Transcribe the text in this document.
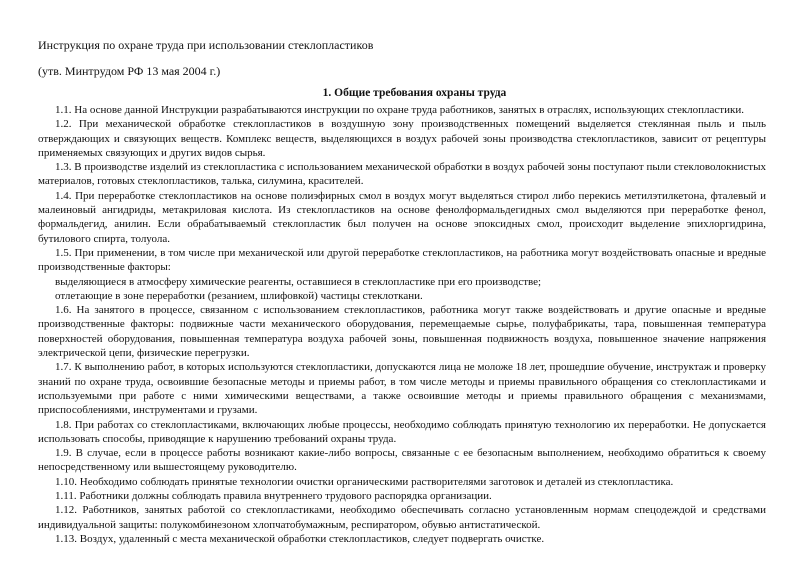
Инструкция по охране труда при использовании стеклопластиков
(утв. Минтрудом РФ 13 мая 2004 г.)
1. Общие требования охраны труда

1.1. На основе данной Инструкции разрабатываются инструкции по охране труда работников, занятых в отраслях, использующих стеклопластики.

1.2. При механической обработке стеклопластиков в воздушную зону производственных помещений выделяется стеклянная пыль и пыль отверждающих и связующих веществ. Комплекс веществ, выделяющихся в воздух рабочей зоны производства стеклопластиков, зависит от рецептуры применяемых связующих и других видов сырья.

1.3. В производстве изделий из стеклопластика с использованием механической обработки в воздух рабочей зоны поступают пыли стекловолокнистых материалов, готовых стеклопластиков, талька, силумина, красителей.

1.4. При переработке стеклопластиков на основе полиэфирных смол в воздух могут выделяться стирол либо перекись метилэтилкетона, фталевый и малеиновый ангидриды, метакриловая кислота. Из стеклопластиков на основе фенолформальдегидных смол выделяются при переработке фенол, формальдегид, анилин. Если обрабатываемый стеклопластик был получен на основе эпоксидных смол, происходит выделение эпихлоргидрина, бутилового спирта, толуола.

1.5. При применении, в том числе при механической или другой переработке стеклопластиков, на работника могут воздействовать опасные и вредные производственные факторы:

выделяющиеся в атмосферу химические реагенты, оставшиеся в стеклопластике при его производстве;

отлетающие в зоне переработки (резанием, шлифовкой) частицы стеклоткани.

1.6. На занятого в процессе, связанном с использованием стеклопластиков, работника могут также воздействовать и другие опасные и вредные производственные факторы: подвижные части механического оборудования, перемещаемые сырье, полуфабрикаты, тара, повышенная температура поверхностей оборудования, повышенная температура воздуха рабочей зоны, повышенная подвижность воздуха, повышенное значение напряжения электрической цепи, физические перегрузки.

1.7. К выполнению работ, в которых используются стеклопластики, допускаются лица не моложе 18 лет, прошедшие обучение, инструктаж и проверку знаний по охране труда, освоившие безопасные методы и приемы работ, в том числе методы и приемы правильного обращения со стеклопластиками и используемыми при работе с ними химическими веществами, а также освоившие методы и приемы правильного обращения с механизмами, приспособлениями, инструментами и грузами.

1.8. При работах со стеклопластиками, включающих любые процессы, необходимо соблюдать принятую технологию их переработки. Не допускается использовать способы, приводящие к нарушению требований охраны труда.

1.9. В случае, если в процессе работы возникают какие-либо вопросы, связанные с ее безопасным выполнением, необходимо обратиться к своему непосредственному или вышестоящему руководителю.

1.10. Необходимо соблюдать принятые технологии очистки органическими растворителями заготовок и деталей из стеклопластика.

1.11. Работники должны соблюдать правила внутреннего трудового распорядка организации.

1.12. Работников, занятых работой со стеклопластиками, необходимо обеспечивать согласно установленным нормам спецодеждой и средствами индивидуальной защиты: полукомбинезоном хлопчатобумажным, респиратором, обувью антистатической.

1.13. Воздух, удаленный с места механической обработки стеклопластиков, следует подвергать очистке.
